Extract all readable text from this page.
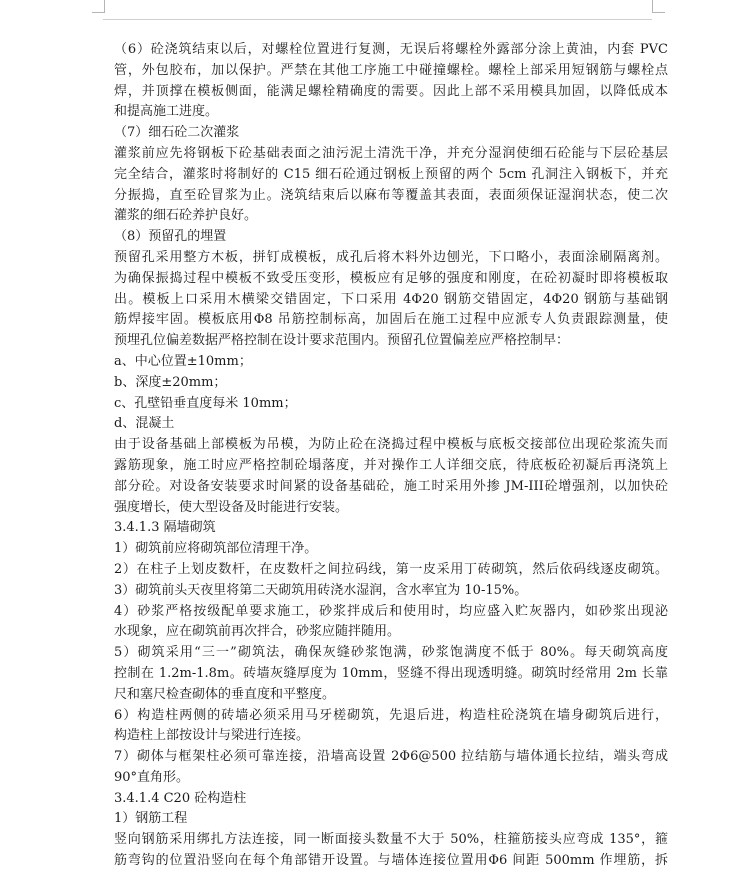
（6）砼浇筑结束以后，对螺栓位置进行复测，无误后将螺栓外露部分涂上黄油，内套 PVC
管，外包胶布，加以保护。严禁在其他工序施工中碰撞螺栓。螺栓上部采用短钢筋与螺栓点
焊，并顶撑在模板侧面，能满足螺栓精确度的需要。因此上部不采用模具加固，以降低成本
和提高施工进度。
（7）细石砼二次灌浆
灌浆前应先将钢板下砼基础表面之油污泥土清洗干净，并充分湿润使细石砼能与下层砼基层
完全结合，灌浆时将制好的 C15 细石砼通过钢板上预留的两个 5cm 孔洞注入钢板下，并充
分振捣，直至砼冒浆为止。浇筑结束后以麻布等覆盖其表面，表面须保证湿润状态，使二次
灌浆的细石砼养护良好。
（8）预留孔的埋置
预留孔采用整方木板，拼钉成模板，成孔后将木料外边刨光，下口略小，表面涂刷隔离剂。
为确保振捣过程中模板不致受压变形，模板应有足够的强度和刚度，在砼初凝时即将模板取
出。模板上口采用木横梁交错固定，下口采用 4Φ20 钢筋交错固定，4Φ20 钢筋与基础钢
筋焊接牢固。模板底用Φ8 吊筋控制标高，加固后在施工过程中应派专人负责跟踪测量，使
预埋孔位偏差数据严格控制在设计要求范围内。预留孔位置偏差应严格控制早：
a、中心位置±10mm；
b、深度±20mm；
c、孔壁铅垂直度每米 10mm；
d、混凝土
由于设备基础上部模板为吊模，为防止砼在浇捣过程中模板与底板交接部位出现砼浆流失而
露筋现象，施工时应严格控制砼塌落度，并对操作工人详细交底，待底板砼初凝后再浇筑上
部分砼。对设备安装要求时间紧的设备基础砼，施工时采用外掺 JM-III砼增强剂，以加快砼
强度增长，使大型设备及时能进行安装。
3.4.1.3 隔墙砌筑
1）砌筑前应将砌筑部位清理干净。
2）在柱子上划皮数杆，在皮数杆之间拉码线，第一皮采用丁砖砌筑，然后依码线逐皮砌筑。
3）砌筑前头天夜里将第二天砌筑用砖浇水湿润，含水率宜为 10-15%。
4）砂浆严格按级配单要求施工，砂浆拌成后和使用时，均应盛入贮灰器内，如砂浆出现泌
水现象，应在砌筑前再次拌合，砂浆应随拌随用。
5）砌筑采用“三一”砌筑法，确保灰缝砂浆饱满，砂浆饱满度不低于 80%。每天砌筑高度
控制在 1.2m-1.8m。砖墙灰缝厚度为 10mm，竖缝不得出现透明缝。砌筑时经常用 2m 长靠
尺和塞尺检查砌体的垂直度和平整度。
6）构造柱两侧的砖墙必须采用马牙槎砌筑，先退后进，构造柱砼浇筑在墙身砌筑后进行，
构造柱上部按设计与梁进行连接。
7）砌体与框架柱必须可靠连接，沿墙高设置 2Φ6@500 拉结筋与墙体通长拉结，端头弯成
90°直角形。
3.4.1.4 C20 砼构造柱
1）钢筋工程
竖向钢筋采用绑扎方法连接，同一断面接头数量不大于 50%，柱箍筋接头应弯成 135°，箍
筋弯钩的位置沿竖向在每个角部错开设置。与墙体连接位置用Φ6 间距 500mm 作埋筋，拆
